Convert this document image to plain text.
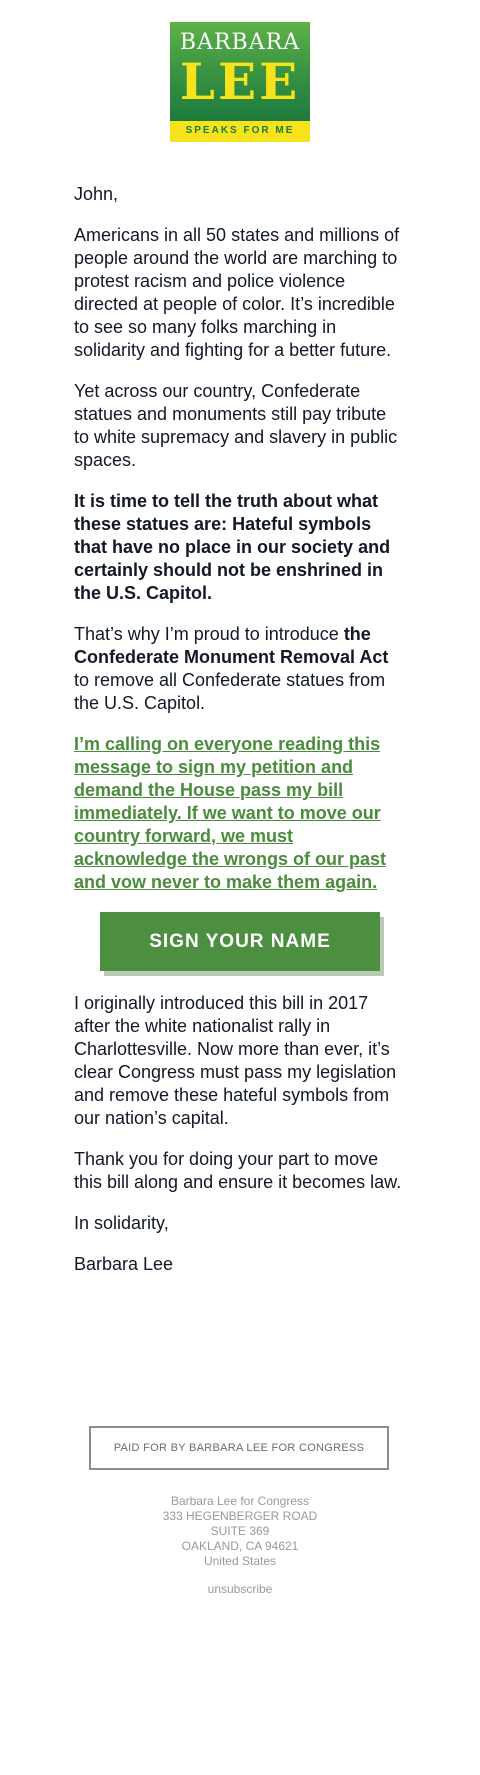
BARBARA
LEE
SPEAKS FOR ME

John,

Americans in all 50 states and millions of people around the world are marching to protest racism and police violence directed at people of color. It’s incredible to see so many folks marching in solidarity and fighting for a better future.

Yet across our country, Confederate statues and monuments still pay tribute to white supremacy and slavery in public spaces.

It is time to tell the truth about what these statues are: Hateful symbols that have no place in our society and certainly should not be enshrined in the U.S. Capitol.

That’s why I’m proud to introduce the Confederate Monument Removal Act to remove all Confederate statues from the U.S. Capitol.

I’m calling on everyone reading this message to sign my petition and demand the House pass my bill immediately. If we want to move our country forward, we must acknowledge the wrongs of our past and vow never to make them again.

SIGN YOUR NAME

I originally introduced this bill in 2017 after the white nationalist rally in Charlottesville. Now more than ever, it’s clear Congress must pass my legislation and remove these hateful symbols from our nation’s capital.

Thank you for doing your part to move this bill along and ensure it becomes law.

In solidarity,

Barbara Lee

PAID FOR BY BARBARA LEE FOR CONGRESS
Barbara Lee for Congress
333 HEGENBERGER ROAD
SUITE 369
OAKLAND, CA 94621
United States
unsubscribe
